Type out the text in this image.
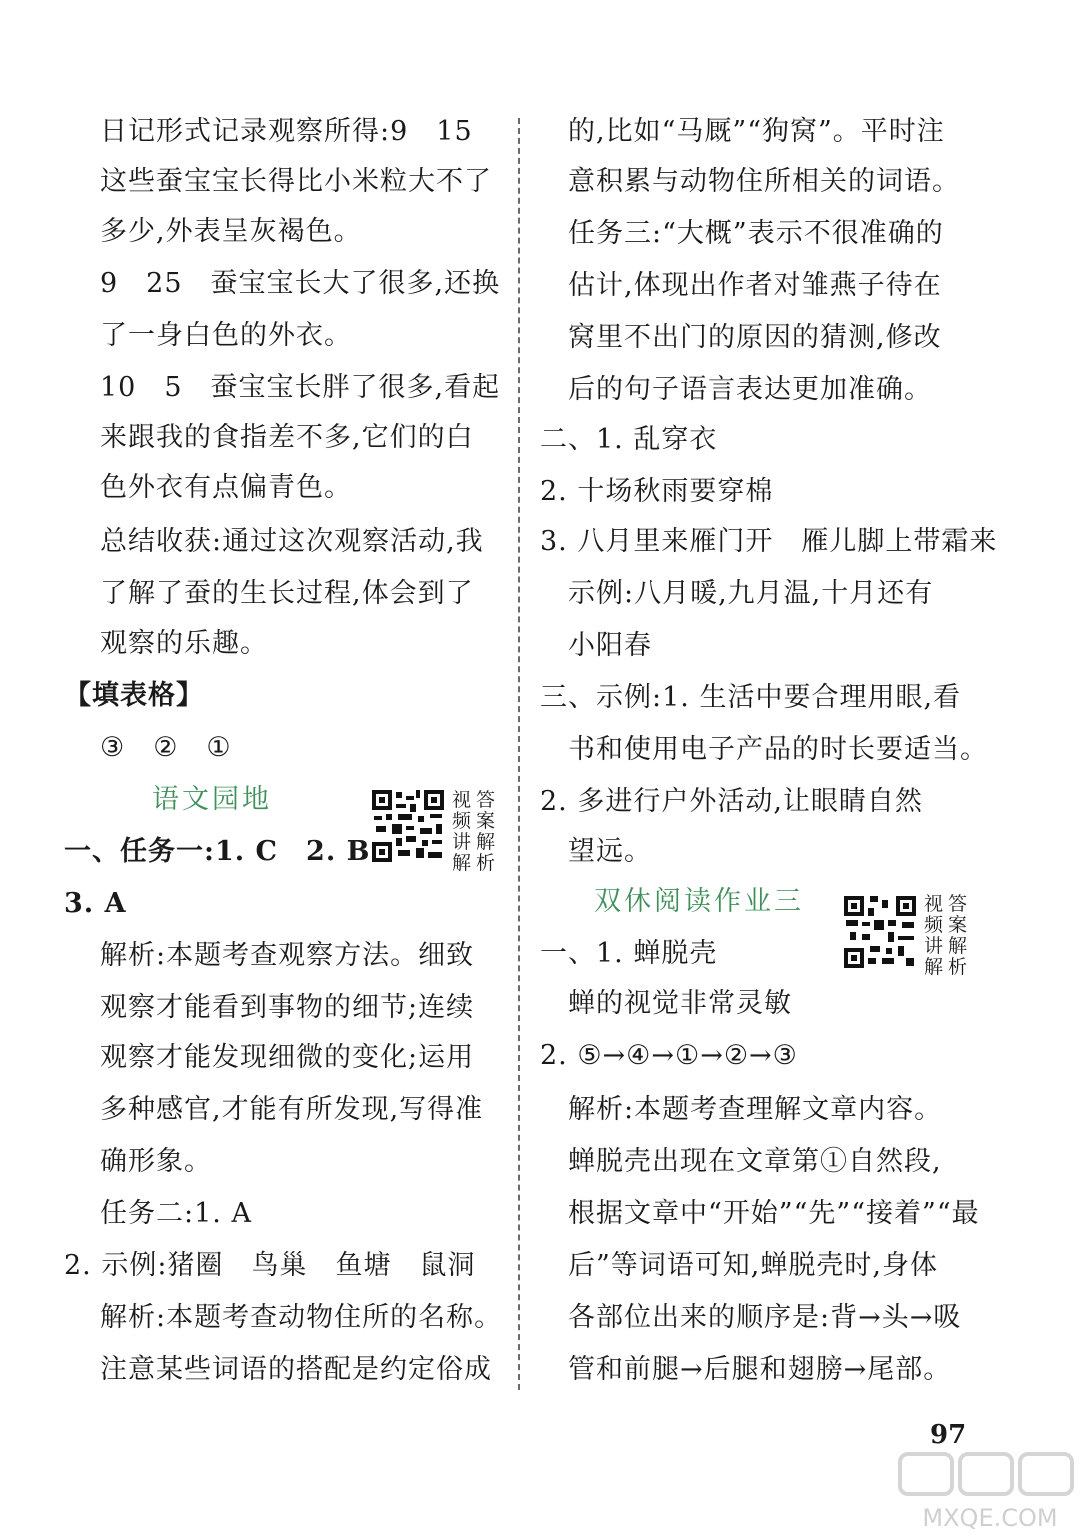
日记形式记录观察所得:9　15
这些蚕宝宝长得比小米粒大不了
多少,外表呈灰褐色。
9　25　蚕宝宝长大了很多,还换
了一身白色的外衣。
10　5　蚕宝宝长胖了很多,看起
来跟我的食指差不多,它们的白
色外衣有点偏青色。
总结收获:通过这次观察活动,我
了解了蚕的生长过程,体会到了
观察的乐趣。
【填表格】
③　②　①
语文园地	视
频
讲
解
答
案
解
析
一、任务一:1. C　2. B
3. A
解析:本题考查观察方法。细致
观察才能看到事物的细节;连续
观察才能发现细微的变化;运用
多种感官,才能有所发现,写得准
确形象。
任务二:1. A
2. 示例:猪圈　鸟巢　鱼塘　鼠洞
解析:本题考查动物住所的名称。
注意某些词语的搭配是约定俗成
的,比如“马厩”“狗窝”。平时注
意积累与动物住所相关的词语。
任务三:“大概”表示不很准确的
估计,体现出作者对雏燕子待在
窝里不出门的原因的猜测,修改
后的句子语言表达更加准确。
二、1. 乱穿衣
2. 十场秋雨要穿棉
3. 八月里来雁门开　雁儿脚上带霜来
示例:八月暖,九月温,十月还有
小阳春
三、示例:1. 生活中要合理用眼,看
书和使用电子产品的时长要适当。
2. 多进行户外活动,让眼睛自然
望远。
双休阅读作业三	视
频
讲
解
答
案
解
析
一、1. 蝉脱壳
蝉的视觉非常灵敏
2. ⑤→④→①→②→③
解析:本题考查理解文章内容。
蝉脱壳出现在文章第①自然段,
根据文章中“开始”“先”“接着”“最
后”等词语可知,蝉脱壳时,身体
各部位出来的顺序是:背→头→吸
管和前腿→后腿和翅膀→尾部。
97
MXQE.COM
